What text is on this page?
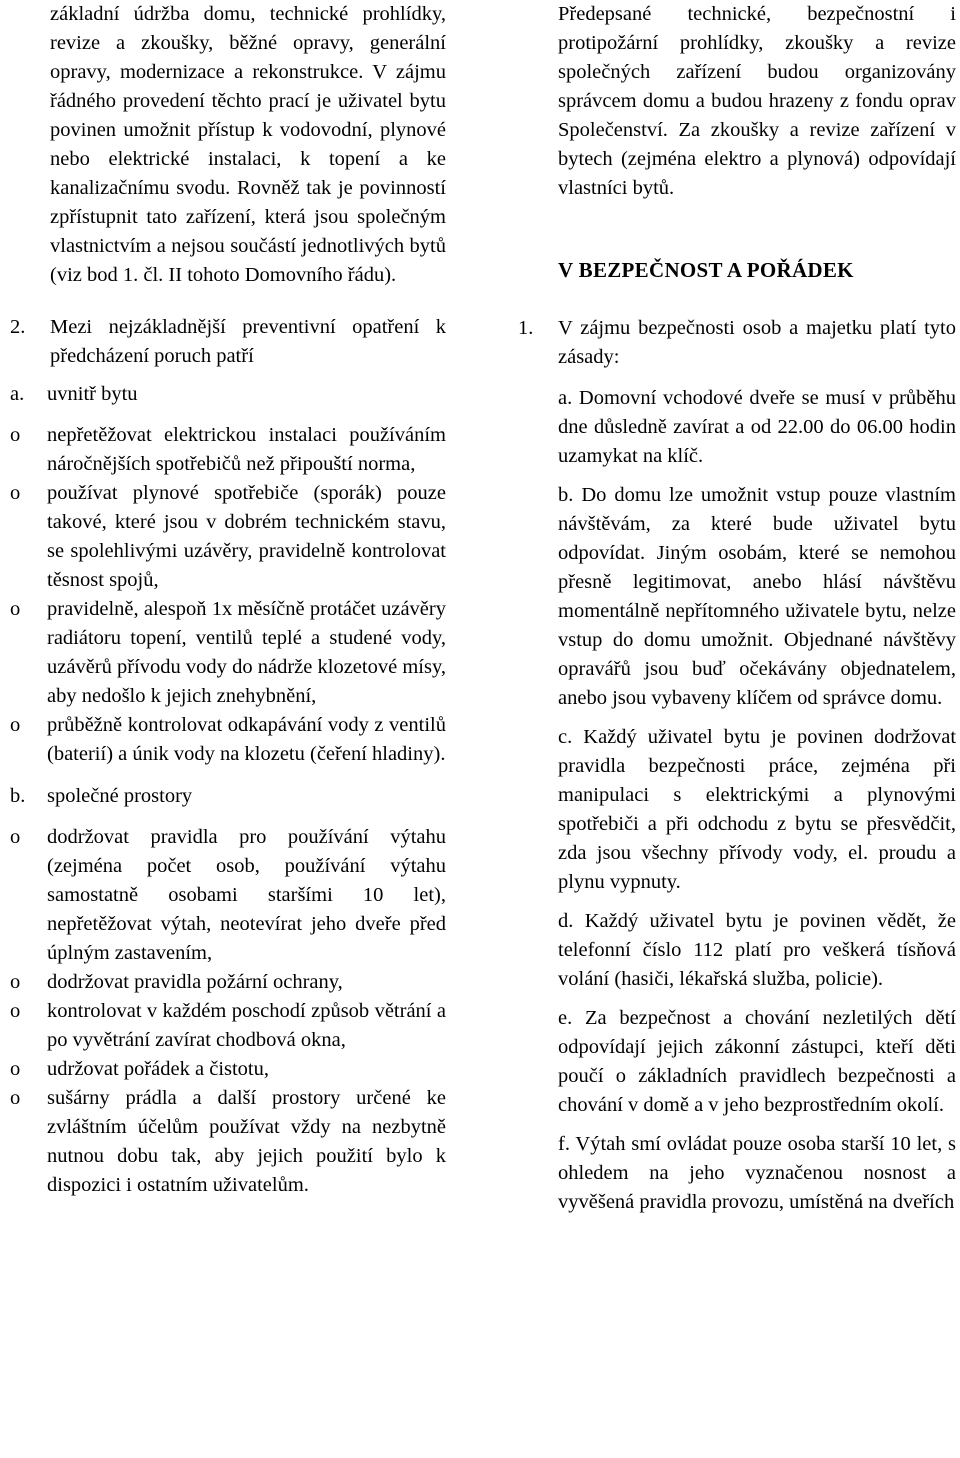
základní údržba domu, technické prohlídky, revize a zkoušky, běžné opravy, generální opravy, modernizace a rekonstrukce. V zájmu řádného provedení těchto prací je uživatel bytu povinen umožnit přístup k vodovodní, plynové nebo elektrické instalaci, k topení a ke kanalizačnímu svodu. Rovněž tak je povinností zpřístupnit tato zařízení, která jsou společným vlastnictvím a nejsou součástí jednotlivých bytů (viz bod 1. čl. II tohoto Domovního řádu).
2. Mezi nejzákladnější preventivní opatření k předcházení poruch patří
a. uvnitř bytu
o nepřetěžovat elektrickou instalaci používáním náročnějších spotřebičů než připouští norma,
o používat plynové spotřebiče (sporák) pouze takové, které jsou v dobrém technickém stavu, se spolehlivými uzávěry, pravidelně kontrolovat těsnost spojů,
o pravidelně, alespoň 1x měsíčně protáčet uzávěry radiátoru topení, ventilů teplé a studené vody, uzávěrů přívodu vody do nádrže klozetové mísy, aby nedošlo k jejich znehybnění,
o průběžně kontrolovat odkapávání vody z ventilů (baterií) a únik vody na klozetu (čeření hladiny).
b. společné prostory
o dodržovat pravidla pro používání výtahu (zejména počet osob, používání výtahu samostatně osobami staršími 10 let), nepřetěžovat výtah, neotevírat jeho dveře před úplným zastavením,
o dodržovat pravidla požární ochrany,
o kontrolovat v každém poschodí způsob větrání a po vyvětrání zavírat chodbová okna,
o udržovat pořádek a čistotu,
o sušárny prádla a další prostory určené ke zvláštním účelům používat vždy na nezbytně nutnou dobu tak, aby jejich použití bylo k dispozici i ostatním uživatelům.
Předepsané technické, bezpečnostní i protipožární prohlídky, zkoušky a revize společných zařízení budou organizovány správcem domu a budou hrazeny z fondu oprav Společenství. Za zkoušky a revize zařízení v bytech (zejména elektro a plynová) odpovídají vlastníci bytů.
V BEZPEČNOST A POŘÁDEK
1. V zájmu bezpečnosti osob a majetku platí tyto zásady:
a. Domovní vchodové dveře se musí v průběhu dne důsledně zavírat a od 22.00 do 06.00 hodin uzamykat na klíč.
b. Do domu lze umožnit vstup pouze vlastním návštěvám, za které bude uživatel bytu odpovídat. Jiným osobám, které se nemohou přesně legitimovat, anebo hlásí návštěvu momentálně nepřítomného uživatele bytu, nelze vstup do domu umožnit. Objednané návštěvy opravářů jsou buď očekávány objednatelem, anebo jsou vybaveny klíčem od správce domu.
c. Každý uživatel bytu je povinen dodržovat pravidla bezpečnosti práce, zejména při manipulaci s elektrickými a plynovými spotřebiči a při odchodu z bytu se přesvědčit, zda jsou všechny přívody vody, el. proudu a plynu vypnuty.
d. Každý uživatel bytu je povinen vědět, že telefonní číslo 112 platí pro veškerá tísňová volání (hasiči, lékařská služba, policie).
e. Za bezpečnost a chování nezletilých dětí odpovídají jejich zákonní zástupci, kteří děti poučí o základních pravidlech bezpečnosti a chování v domě a v jeho bezprostředním okolí.
f. Výtah smí ovládat pouze osoba starší 10 let, s ohledem na jeho vyznačenou nosnost a vyvěšená pravidla provozu, umístěná na dveřích
